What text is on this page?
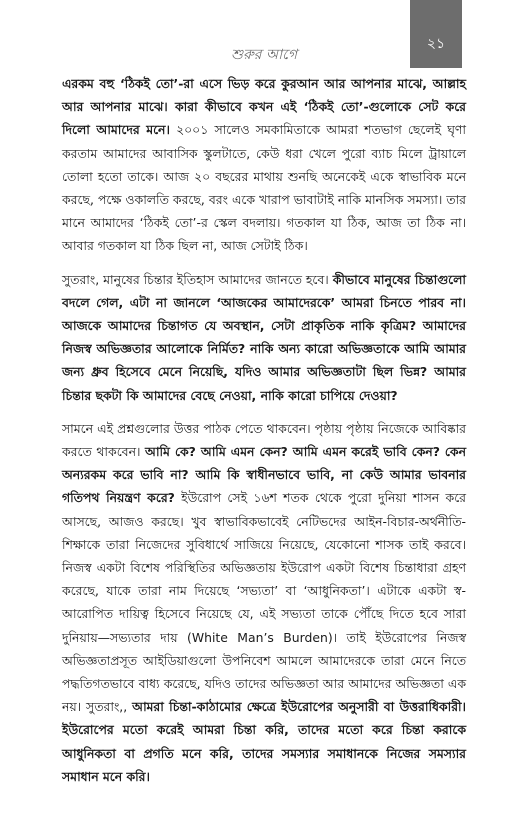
২১
শুরুর আগে

এরকম বহু ‘ঠিকই তো’-রা এসে ভিড় করে কুরআন আর আপনার মাঝে, আল্লাহ আর আপনার মাঝে। কারা কীভাবে কখন এই ‘ঠিকই তো’-গুলোকে সেট করে দিলো আমাদের মনে। ২০০১ সালেও সমকামিতাকে আমরা শতভাগ ছেলেই ঘৃণা করতাম আমাদের আবাসিক স্কুলটাতে, কেউ ধরা খেলে পুরো ব্যাচ মিলে ট্রায়ালে তোলা হতো তাকে। আজ ২০ বছরের মাথায় শুনছি অনেকেই একে স্বাভাবিক মনে করছে, পক্ষে ওকালতি করছে, বরং একে খারাপ ভাবাটাই নাকি মানসিক সমস্যা। তার মানে আমাদের ‘ঠিকই তো’-র স্কেল বদলায়। গতকাল যা ঠিক, আজ তা ঠিক না। আবার গতকাল যা ঠিক ছিল না, আজ সেটাই ঠিক।

সুতরাং, মানুষের চিন্তার ইতিহাস আমাদের জানতে হবে। কীভাবে মানুষের চিন্তাগুলো বদলে গেল, এটা না জানলে ‘আজকের আমাদেরকে’ আমরা চিনতে পারব না। আজকে আমাদের চিন্তাগত যে অবস্থান, সেটা প্রাকৃতিক নাকি কৃত্রিম? আমাদের নিজস্ব অভিজ্ঞতার আলোকে নির্মিত? নাকি অন্য কারো অভিজ্ঞতাকে আমি আমার জন্য ধ্রুব হিসেবে মেনে নিয়েছি, যদিও আমার অভিজ্ঞতাটা ছিল ভিন্ন? আমার চিন্তার ছকটা কি আমাদের বেছে নেওয়া, নাকি কারো চাপিয়ে দেওয়া?

সামনে এই প্রশ্নগুলোর উত্তর পাঠক পেতে থাকবেন। পৃষ্ঠায় পৃষ্ঠায় নিজেকে আবিষ্কার করতে থাকবেন। আমি কে? আমি এমন কেন? আমি এমন করেই ভাবি কেন? কেন অন্যরকম করে ভাবি না? আমি কি স্বাধীনভাবে ভাবি, না কেউ আমার ভাবনার গতিপথ নিয়ন্ত্রণ করে? ইউরোপ সেই ১৬শ শতক থেকে পুরো দুনিয়া শাসন করে আসছে, আজও করছে। খুব স্বাভাবিকভাবেই নেটিভদের আইন-বিচার-অর্থনীতি-শিক্ষাকে তারা নিজেদের সুবিধার্থে সাজিয়ে নিয়েছে, যেকোনো শাসক তাই করবে। নিজস্ব একটা বিশেষ পরিস্থিতির অভিজ্ঞতায় ইউরোপ একটা বিশেষ চিন্তাধারা গ্রহণ করেছে, যাকে তারা নাম দিয়েছে ‘সভ্যতা’ বা ‘আধুনিকতা’। এটাকে একটা স্ব-আরোপিত দায়িত্ব হিসেবে নিয়েছে যে, এই সভ্যতা তাকে পৌঁছে দিতে হবে সারা দুনিয়ায়—সভ্যতার দায় (White Man’s Burden)। তাই ইউরোপের নিজস্ব অভিজ্ঞতাপ্রসূত আইডিয়াগুলো উপনিবেশ আমলে আমাদেরকে তারা মেনে নিতে পদ্ধতিগতভাবে বাধ্য করেছে, যদিও তাদের অভিজ্ঞতা আর আমাদের অভিজ্ঞতা এক নয়। সুতরাং,, আমরা চিন্তা-কাঠামোর ক্ষেত্রে ইউরোপের অনুসারী বা উত্তরাধিকারী। ইউরোপের মতো করেই আমরা চিন্তা করি, তাদের মতো করে চিন্তা করাকে আধুনিকতা বা প্রগতি মনে করি, তাদের সমস্যার সমাধানকে নিজের সমস্যার সমাধান মনে করি।
